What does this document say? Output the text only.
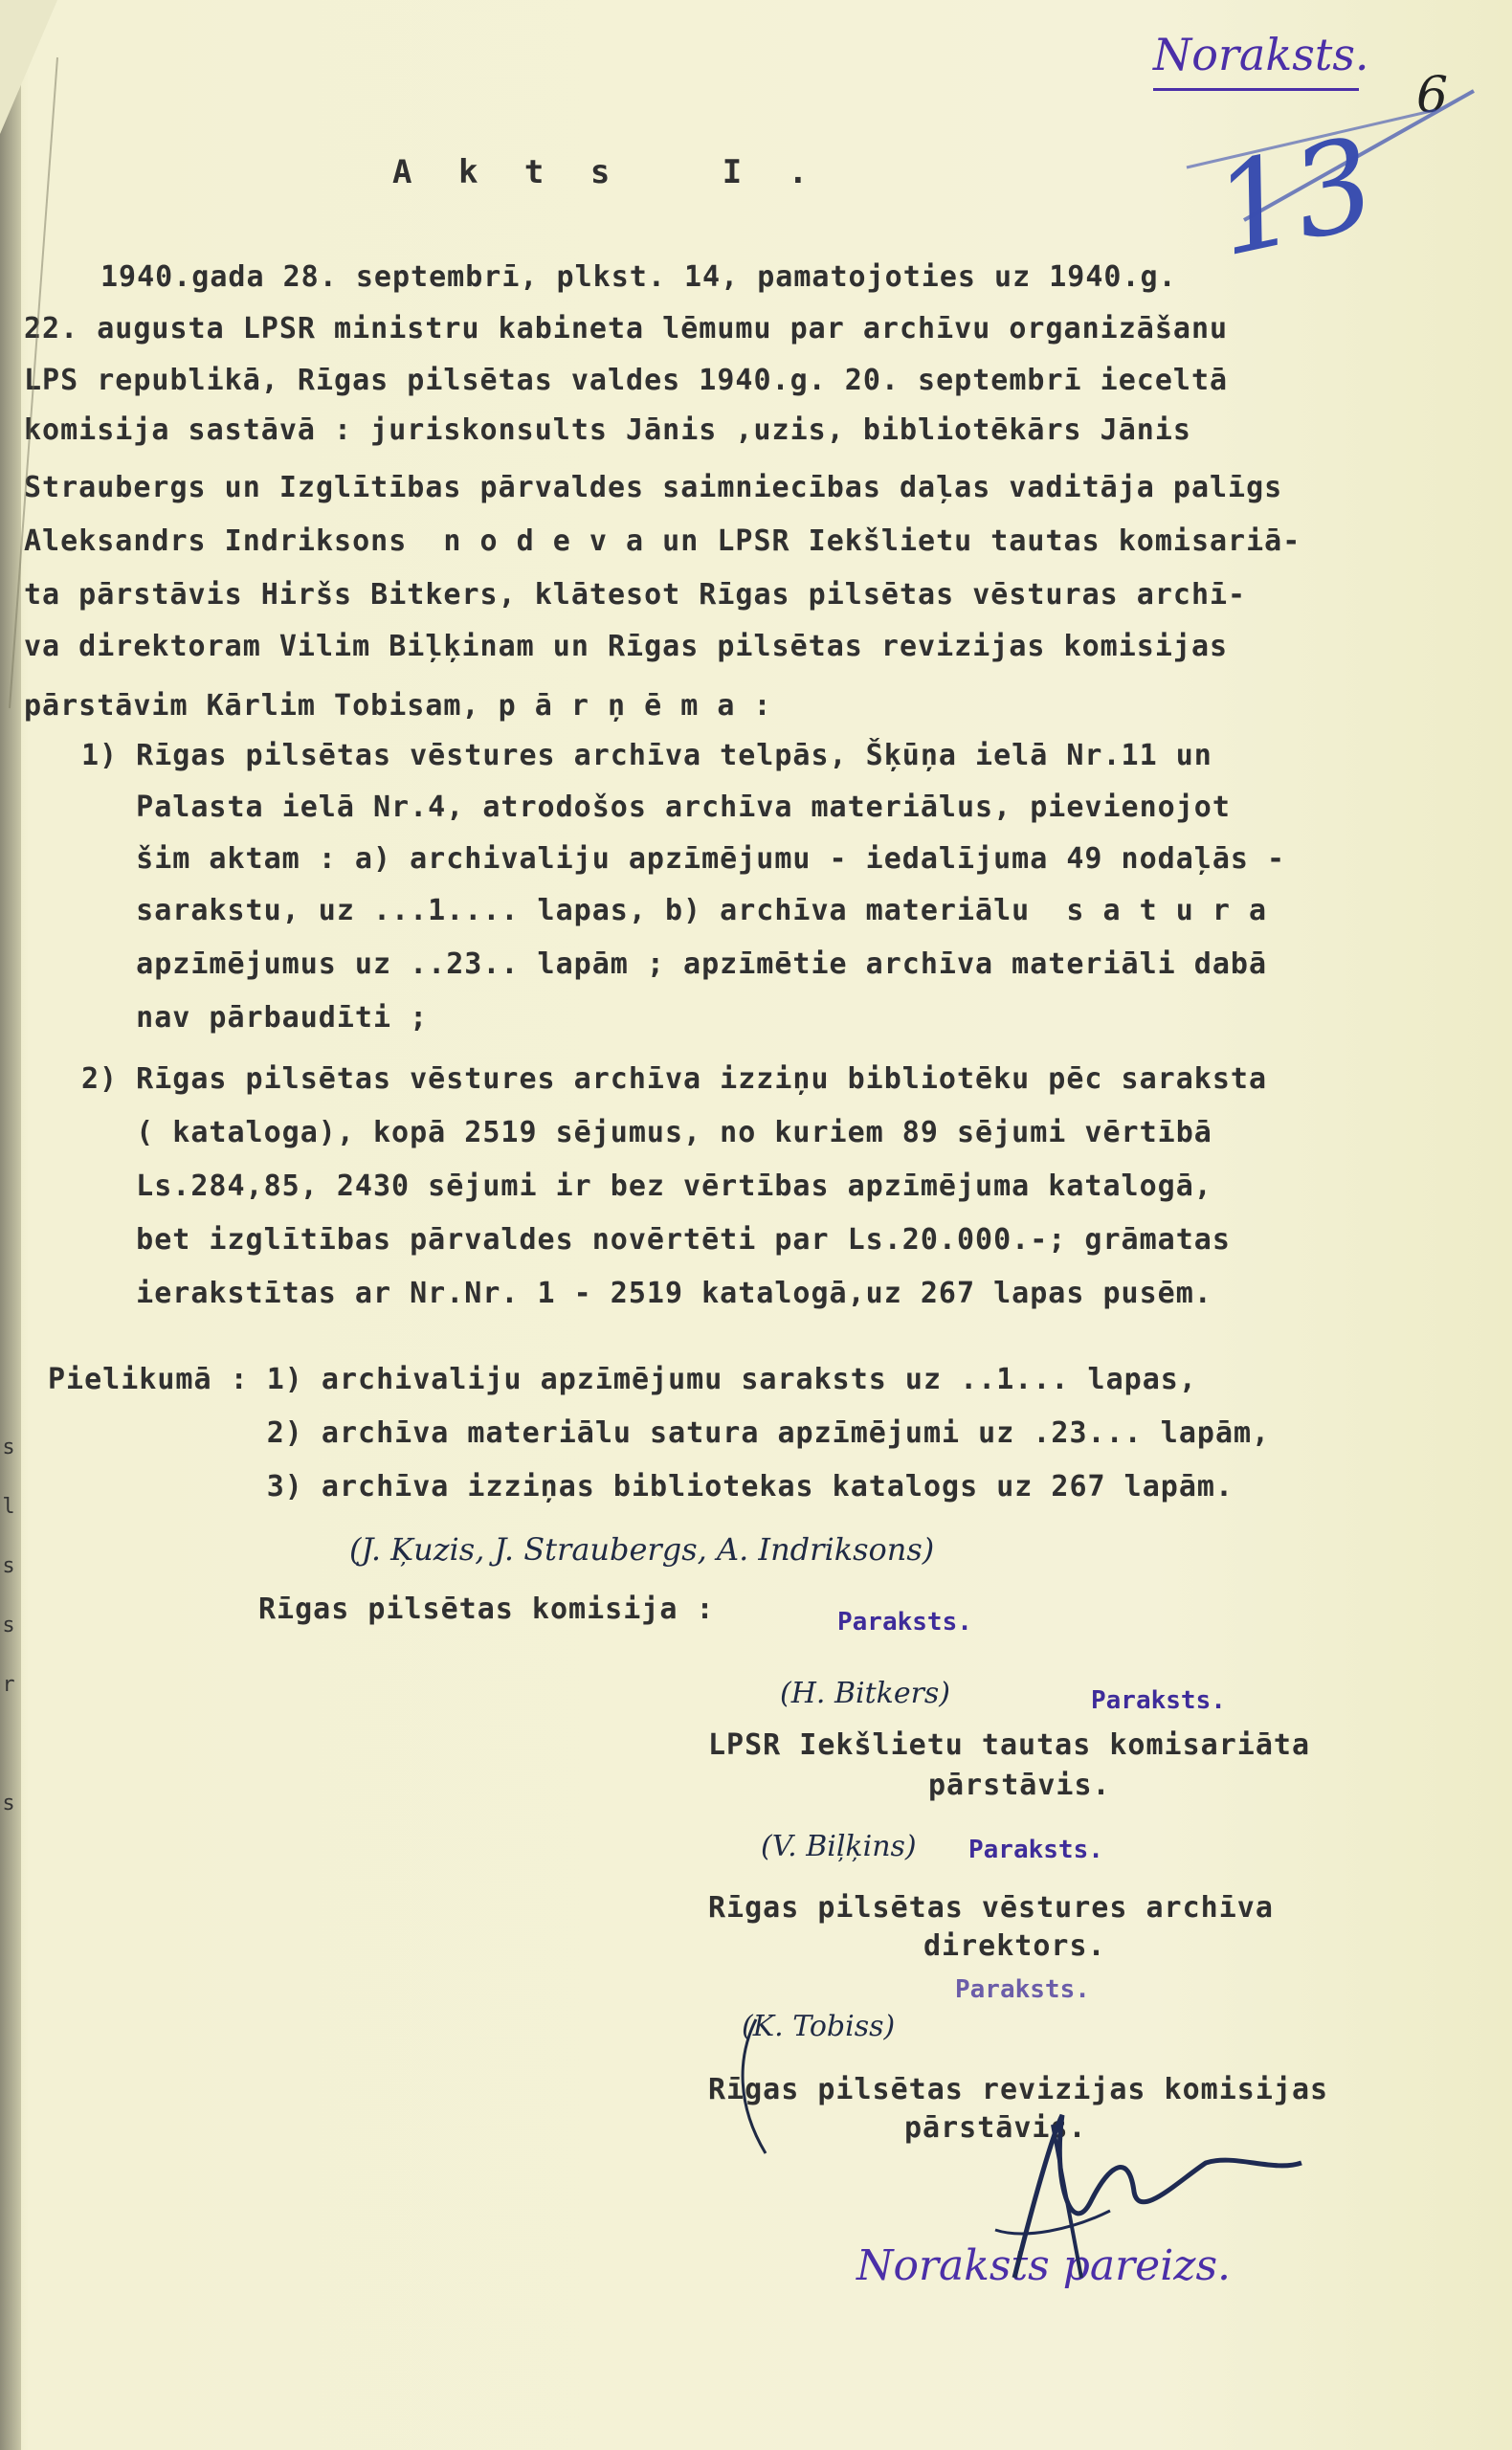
s
l
s
s
r
s
Noraksts.
6
13
A k t s   I .
1940.gada 28. septembrī, plkst. 14, pamatojoties uz 1940.g.
22. augusta LPSR ministru kabineta lēmumu par archīvu organizāšanu
LPS republikā, Rīgas pilsētas valdes 1940.g. 20. septembrī ieceltā
komisija sastāvā : juriskonsults Jānis ,uzis, bibliotēkārs Jānis
Straubergs un Izglītības pārvaldes saimniecības daļas vaditāja palīgs
Aleksandrs Indriksons  n o d e v a un LPSR Iekšlietu tautas komisariā-
ta pārstāvis Hiršs Bitkers, klātesot Rīgas pilsētas vēsturas archī-
va direktoram Vilim Biļķinam un Rīgas pilsētas revizijas komisijas
pārstāvim Kārlim Tobisam, p ā r ņ ē m a :
1) Rīgas pilsētas vēstures archīva telpās, Šķūņa ielā Nr.11 un
Palasta ielā Nr.4, atrodošos archīva materiālus, pievienojot
šim aktam : a) archivaliju apzīmējumu - iedalījuma 49 nodaļās -
sarakstu, uz ...1.... lapas, b) archīva materiālu  s a t u r a
apzīmējumus uz ..23.. lapām ; apzīmētie archīva materiāli dabā
nav pārbaudīti ;
2) Rīgas pilsētas vēstures archīva izziņu bibliotēku pēc saraksta
( kataloga), kopā 2519 sējumus, no kuriem 89 sējumi vērtībā
Ls.284,85, 2430 sējumi ir bez vērtības apzīmējuma katalogā,
bet izglītības pārvaldes novērtēti par Ls.20.000.-; grāmatas
ierakstītas ar Nr.Nr. 1 - 2519 katalogā,uz 267 lapas pusēm.
Pielikumā : 1) archivaliju apzīmējumu saraksts uz ..1... lapas,
2) archīva materiālu satura apzīmējumi uz .23... lapām,
3) archīva izziņas bibliotekas katalogs uz 267 lapām.
(J. Ķuzis, J. Straubergs, A. Indriksons)
Rīgas pilsētas komisija :	Paraksts.
(H. Bitkers)	Paraksts.
LPSR Iekšlietu tautas komisariāta
pārstāvis.
(V. Biļķins) Paraksts.
Rīgas pilsētas vēstures archīva
direktors.
Paraksts.
(K. Tobiss)
Rīgas pilsētas revizijas komisijas
pārstāvis.
Noraksts pareizs.
